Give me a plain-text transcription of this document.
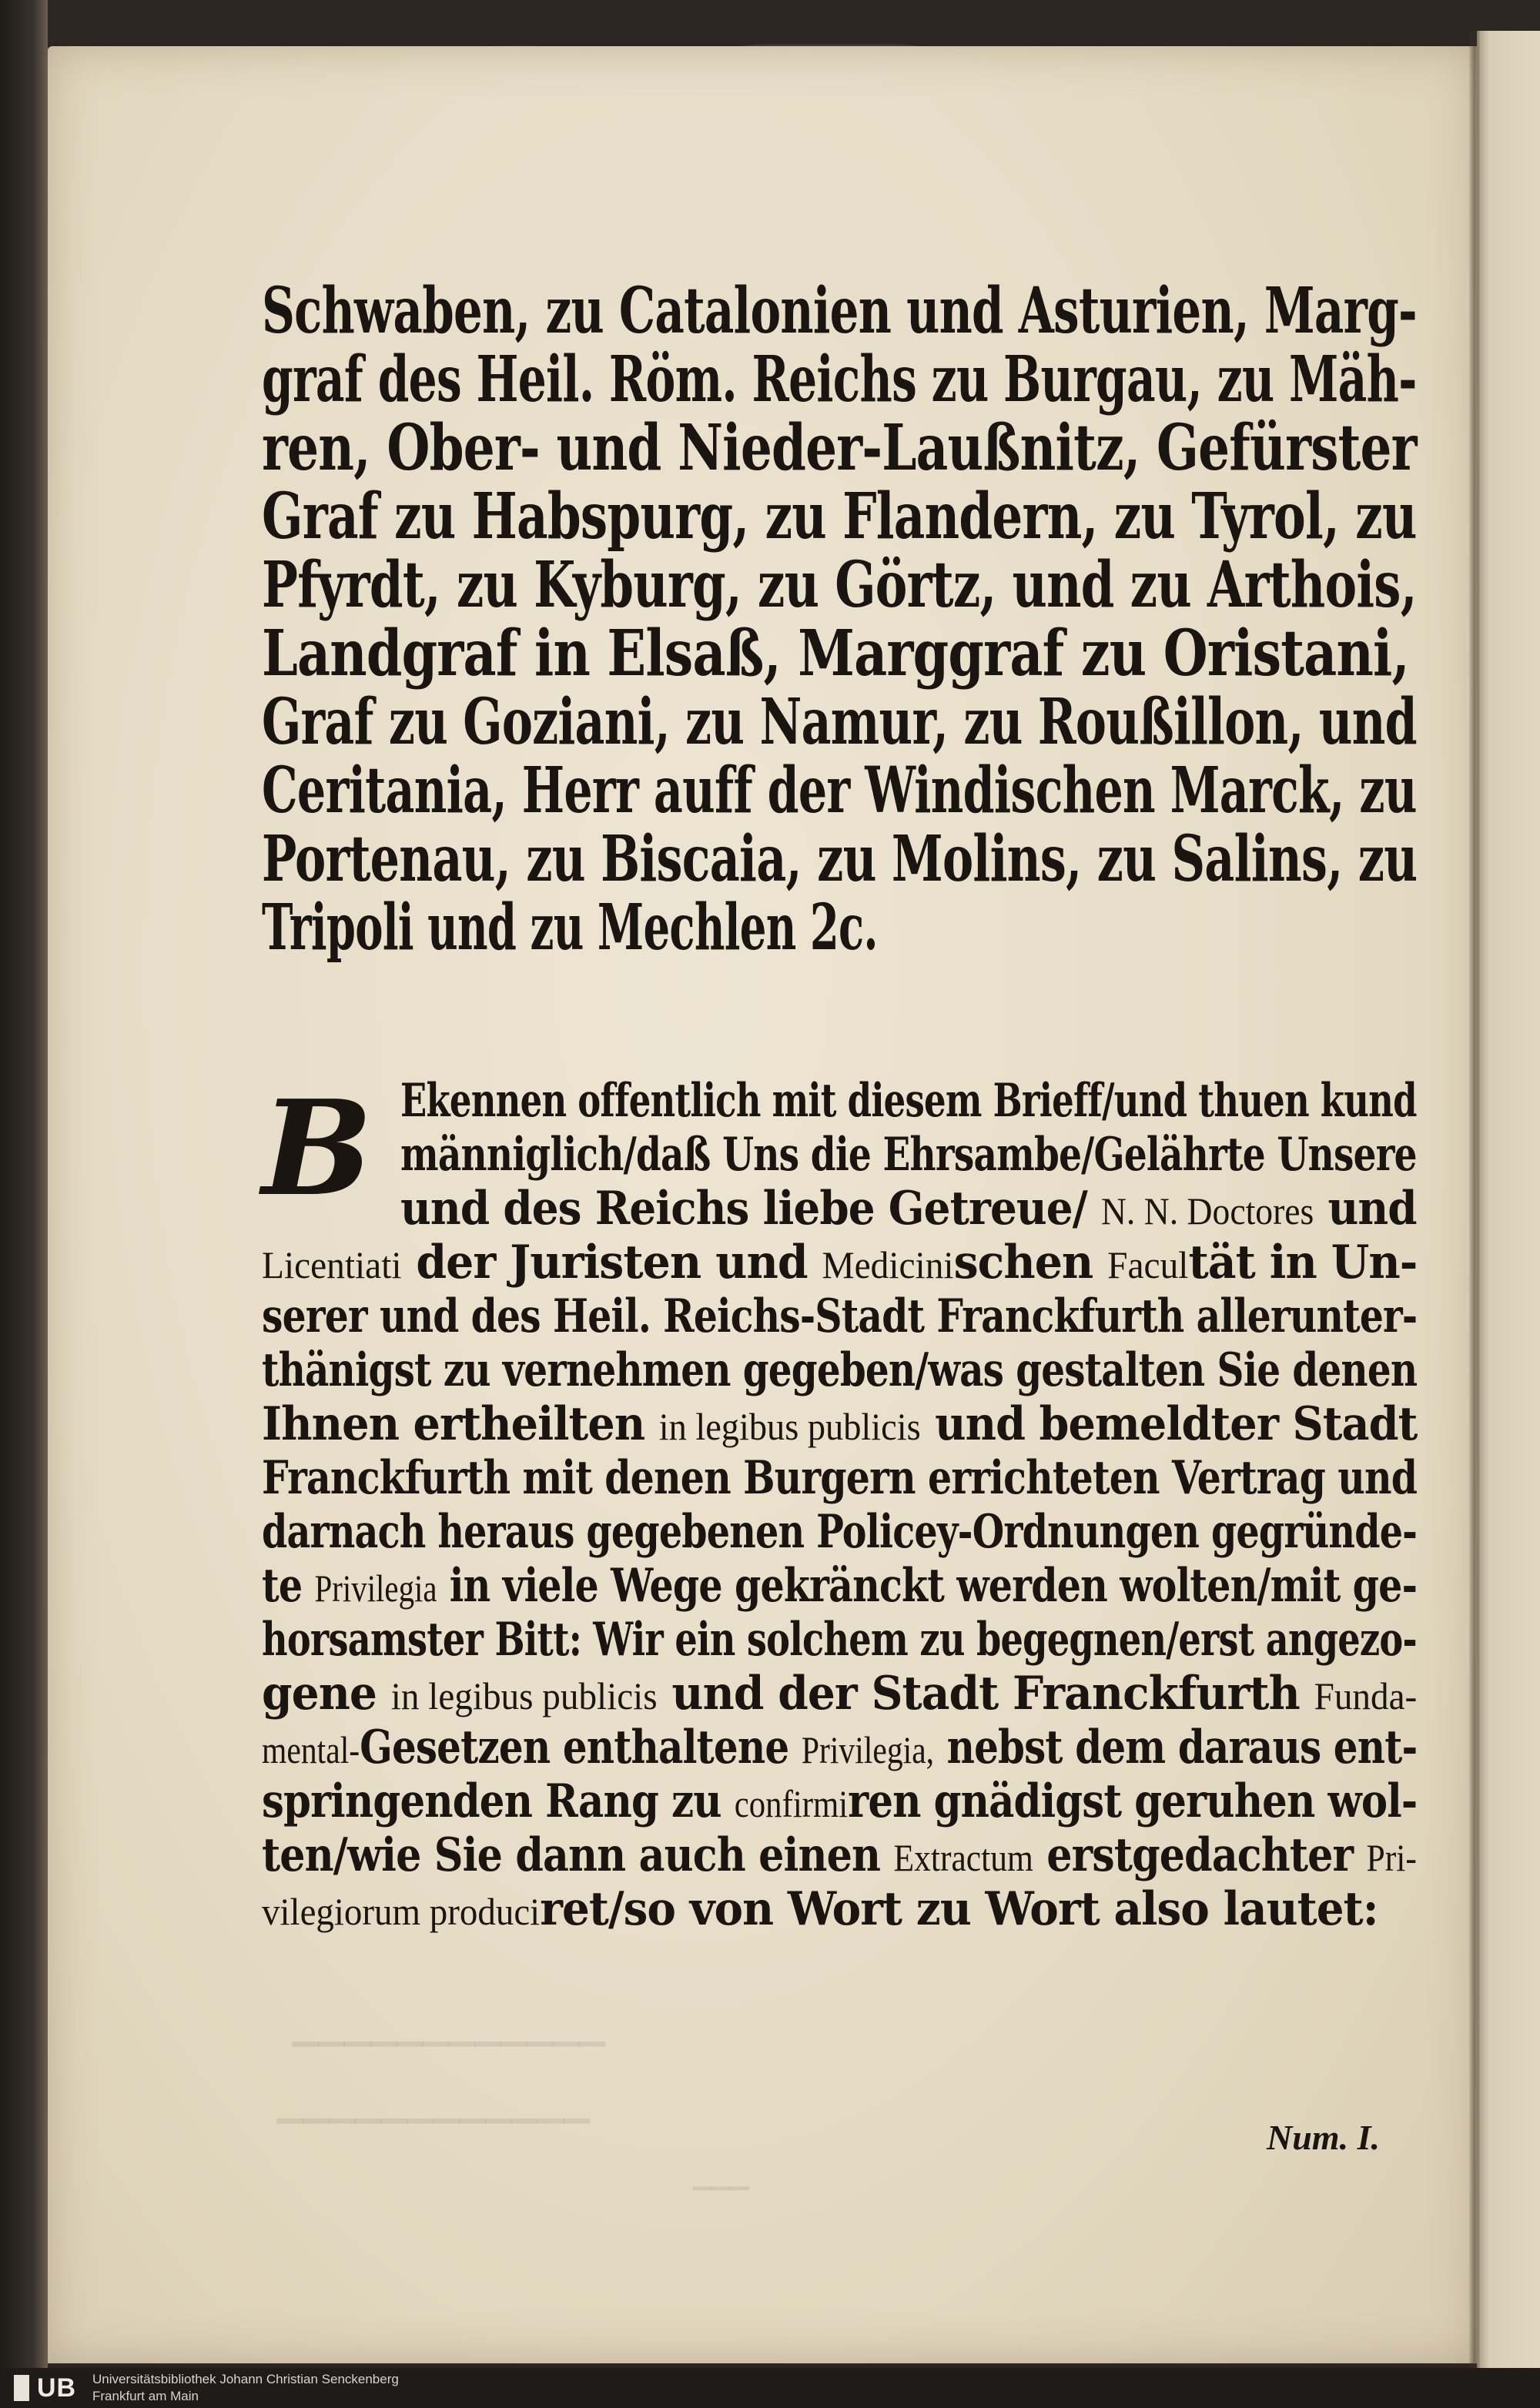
────────────
────────────
───
Schwaben, zu Catalonien und Asturien, Marg-
graf des Heil. Röm. Reichs zu Burgau, zu Mäh-
ren, Ober- und Nieder-Laußnitz, Gefürster
Graf zu Habspurg, zu Flandern, zu Tyrol, zu
Pfyrdt, zu Kyburg, zu Görtz, und zu Arthois,
Landgraf in Elsaß, Marggraf zu Oristani,
Graf zu Goziani, zu Namur, zu Roußillon, und
Ceritania, Herr auff der Windischen Marck, zu
Portenau, zu Biscaia, zu Molins, zu Salins, zu
Tripoli und zu Mechlen 2c.
B Ekennen offentlich mit diesem Brieff/und thuen kund
männiglich/daß Uns die Ehrsambe/Gelährte Unsere
und des Reichs liebe Getreue/ N. N. Doctores und
Licentiati der Juristen und Medicinischen Facultät in Un-
serer und des Heil. Reichs-Stadt Franckfurth allerunter-
thänigst zu vernehmen gegeben/was gestalten Sie denen
Ihnen ertheilten in legibus publicis und bemeldter Stadt
Franckfurth mit denen Burgern errichteten Vertrag und
darnach heraus gegebenen Policey-Ordnungen gegründe-
te Privilegia in viele Wege gekränckt werden wolten/mit ge-
horsamster Bitt: Wir ein solchem zu begegnen/erst angezo-
gene in legibus publicis und der Stadt Franckfurth Funda-
mental-Gesetzen enthaltene Privilegia, nebst dem daraus ent-
springenden Rang zu confirmiren gnädigst geruhen wol-
ten/wie Sie dann auch einen Extractum erstgedachter Pri-
vilegiorum produciret/so von Wort zu Wort also lautet:
Num. I.
UB Universitätsbibliothek Johann Christian Senckenberg
Frankfurt am Main
